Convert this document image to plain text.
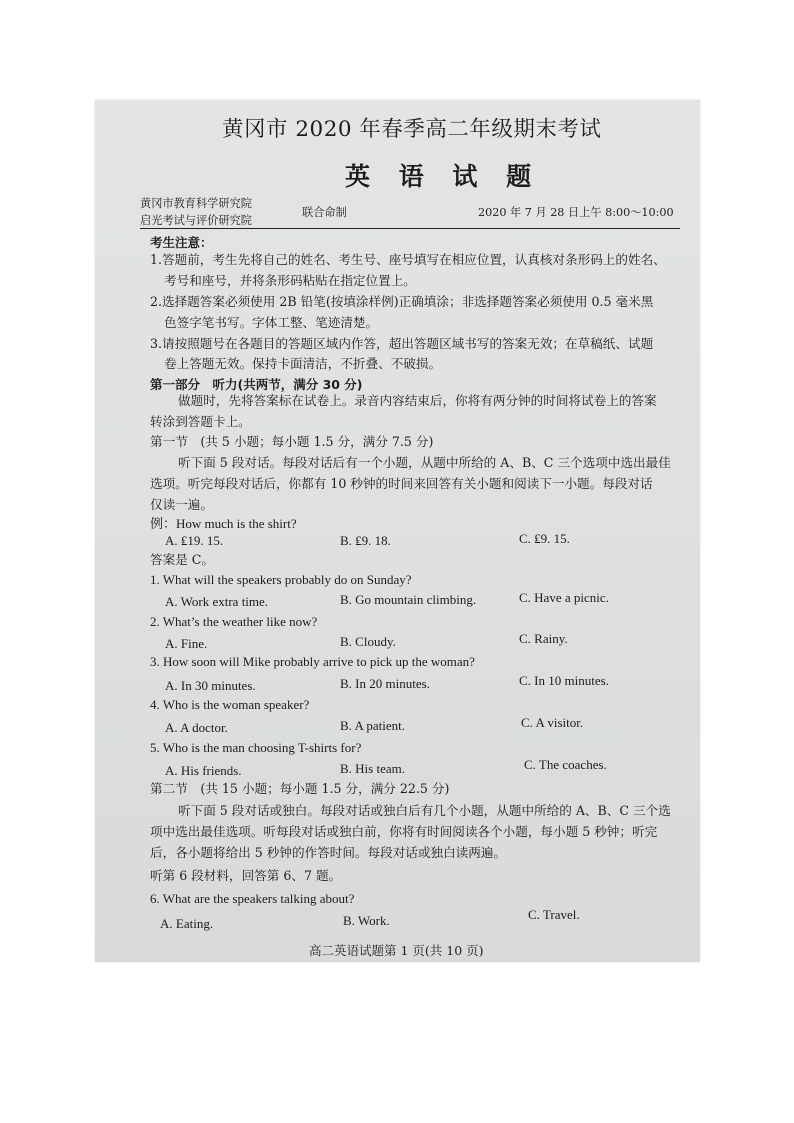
黄冈市 2020 年春季高二年级期末考试
英 语 试 题
黄冈市教育科学研究院
启光考试与评价研究院
联合命制	2020 年 7 月 28 日上午 8:00～10:00
考生注意：
1.答题前，考生先将自己的姓名、考生号、座号填写在相应位置，认真核对条形码上的姓名、
考号和座号，并将条形码粘贴在指定位置上。
2.选择题答案必须使用 2B 铅笔(按填涂样例)正确填涂；非选择题答案必须使用 0.5 毫米黑
色签字笔书写。字体工整、笔迹清楚。
3.请按照题号在各题目的答题区域内作答，超出答题区域书写的答案无效；在草稿纸、试题
卷上答题无效。保持卡面清洁，不折叠、不破损。
第一部分　听力(共两节，满分 30 分)
做题时，先将答案标在试卷上。录音内容结束后，你将有两分钟的时间将试卷上的答案
转涂到答题卡上。
第一节　(共 5 小题；每小题 1.5 分，满分 7.5 分)
听下面 5 段对话。每段对话后有一个小题，从题中所给的 A、B、C 三个选项中选出最佳
选项。听完每段对话后，你都有 10 秒钟的时间来回答有关小题和阅读下一小题。每段对话
仅读一遍。
例：How much is the shirt?
A. ₤19. 15.	B. ₤9. 18.	C. ₤9. 15.
答案是 C。
1. What will the speakers probably do on Sunday?
A. Work extra time.	B. Go mountain climbing.	C. Have a picnic.
2. What’s the weather like now?
A. Fine.	B. Cloudy.	C. Rainy.
3. How soon will Mike probably arrive to pick up the woman?
A. In 30 minutes.	B. In 20 minutes.	C. In 10 minutes.
4. Who is the woman speaker?
A. A doctor.	B. A patient.	C. A visitor.
5. Who is the man choosing T-shirts for?
A. His friends.	B. His team.	C. The coaches.
第二节　(共 15 小题；每小题 1.5 分，满分 22.5 分)
听下面 5 段对话或独白。每段对话或独白后有几个小题，从题中所给的 A、B、C 三个选
项中选出最佳选项。听每段对话或独白前，你将有时间阅读各个小题，每小题 5 秒钟；听完
后，各小题将给出 5 秒钟的作答时间。每段对话或独白读两遍。
听第 6 段材料，回答第 6、7 题。
6. What are the speakers talking about?
A. Eating.	B. Work.	C. Travel.
高二英语试题第 1 页(共 10 页)
